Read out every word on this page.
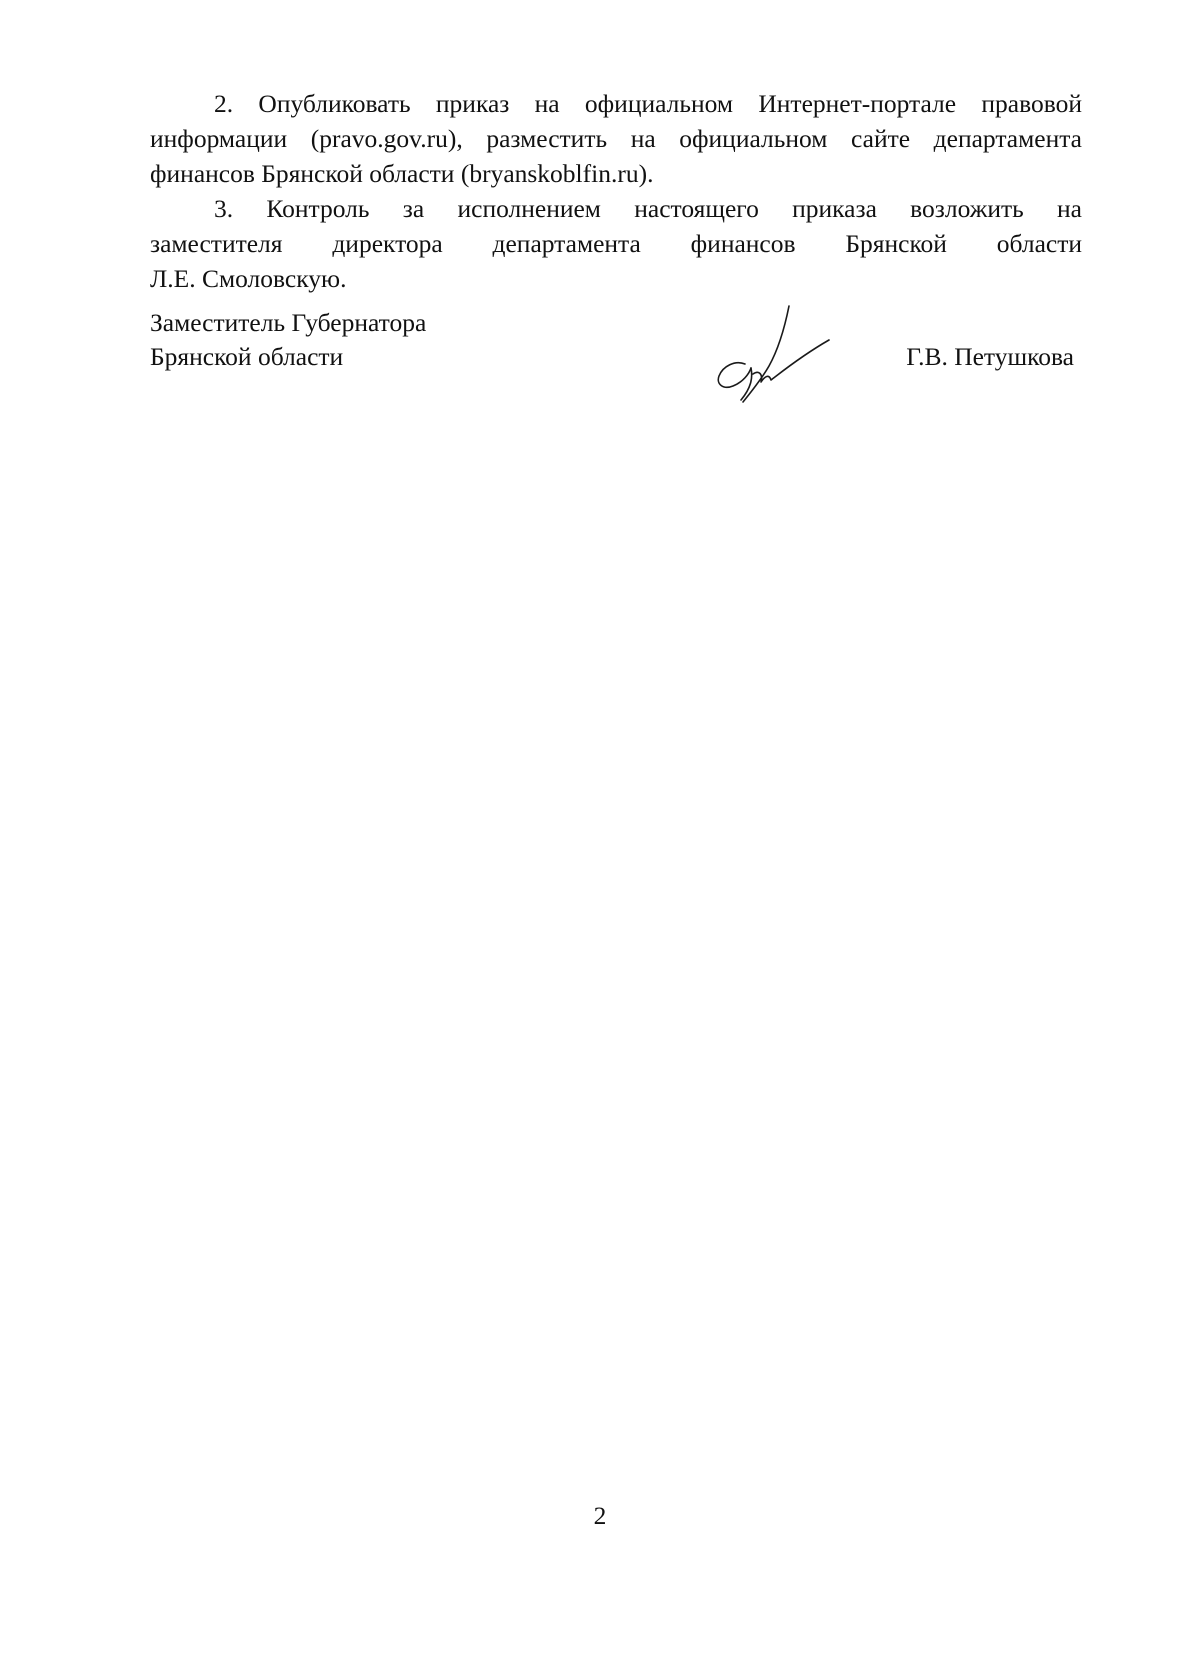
2. Опубликовать приказ на официальном Интернет-портале правовой информации (pravo.gov.ru), разместить на официальном сайте департамента финансов Брянской области (bryanskoblfin.ru).

3. Контроль за исполнением настоящего приказа возложить на
заместителя директора департамента финансов Брянской области
Л.Е. Смоловскую.

Заместитель Губернатора
Брянской области	Г.В. Петушкова
2
